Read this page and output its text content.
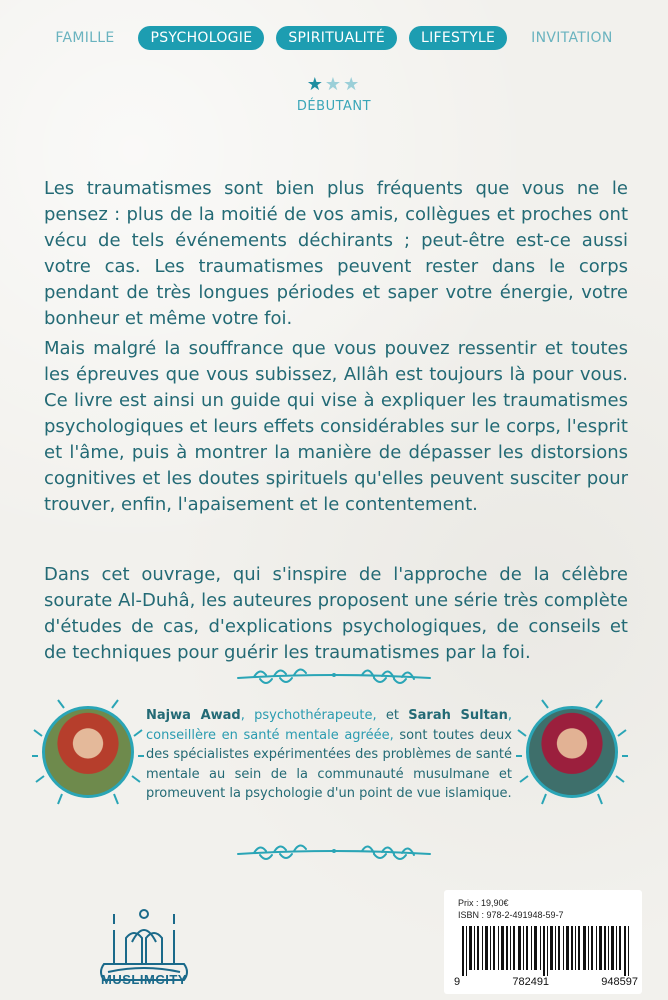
FAMILLE	PSYCHOLOGIE	SPIRITUALITÉ	LIFESTYLE	INVITATION
★★★
DÉBUTANT

Les traumatismes sont bien plus fréquents que vous ne le pensez : plus de la moitié de vos amis, collègues et proches ont vécu de tels événements déchirants ; peut-être est-ce aussi votre cas. Les traumatismes peuvent rester dans le corps pendant de très longues périodes et saper votre énergie, votre bonheur et même votre foi.

Mais malgré la souffrance que vous pouvez ressentir et toutes les épreuves que vous subissez, Allâh est toujours là pour vous. Ce livre est ainsi un guide qui vise à expliquer les traumatismes psychologiques et leurs effets considérables sur le corps, l'esprit et l'âme, puis à montrer la manière de dépasser les distorsions cognitives et les doutes spirituels qu'elles peuvent susciter pour trouver, enfin, l'apaisement et le contentement.

Dans cet ouvrage, qui s'inspire de l'approche de la célèbre sourate Al-Duhâ, les auteures proposent une série très complète d'études de cas, d'explications psychologiques, de conseils et de techniques pour guérir les traumatismes par la foi.

Najwa Awad, psychothérapeute, et Sarah Sultan, conseillère en santé mentale agréée, sont toutes deux des spécialistes expérimentées des problèmes de santé mentale au sein de la communauté musulmane et promeuvent la psychologie d'un point de vue islamique.
MUSLIMCITY
Prix : 19,90€
ISBN : 978-2-491948-59-7
9	782491	948597
